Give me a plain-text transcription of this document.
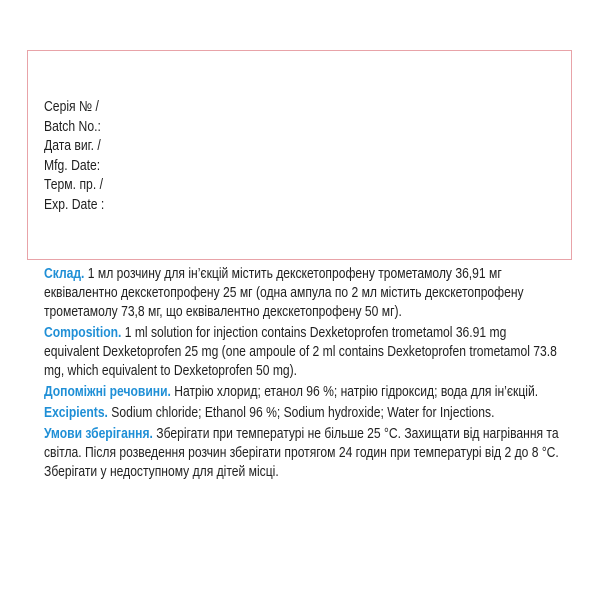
Серія № /
Batch No.:
Дата виг. /
Mfg. Date:
Терм. пр. /
Exp. Date :

Склад. 1 мл розчину для ін’єкцій містить декскетопрофену трометамолу 36,91 мг еквівалентно декскетопрофену 25 мг (одна ампула по 2 мл містить декскетопрофену трометамолу 73,8 мг, що еквівалентно декскетопрофену 50 мг).

Composition. 1 ml solution for injection contains Dexketoprofen trometamol 36.91 mg equivalent Dexketoprofen 25 mg (one ampoule of 2 ml contains Dexketoprofen trometamol 73.8 mg, which equivalent to Dexketoprofen 50 mg).

Допоміжні речовини. Натрію хлорид; етанол 96 %; натрію гідроксид; вода для ін’єкцій.

Excipients. Sodium chloride; Ethanol 96 %; Sodium hydroxide; Water for Injections.

Умови зберігання. Зберігати при температурі не більше 25 °C. Захищати від нагрівання та світла. Після розведення розчин зберігати протягом 24 годин при температурі від 2 до 8 °C. Зберігати у недоступному для дітей місці.
